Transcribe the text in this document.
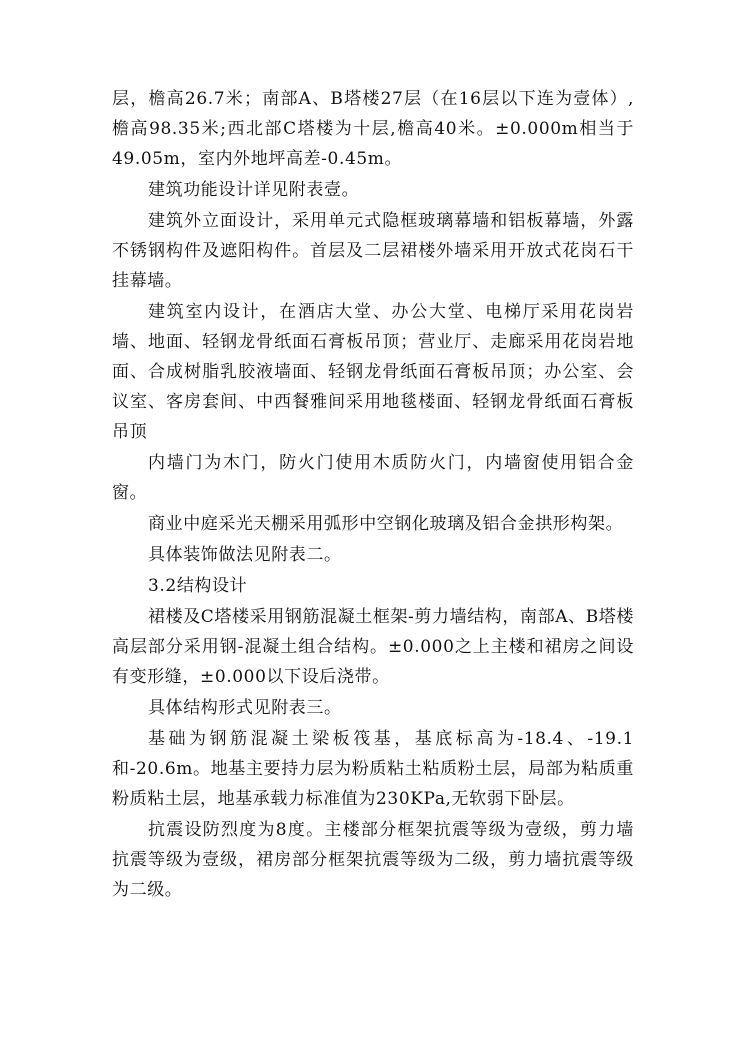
层，檐高26.7米；南部A、B塔楼27层（在16层以下连为壹体）,檐高98.35米;西北部C塔楼为十层,檐高40米。±0.000m相当于49.05m，室内外地坪高差-0.45m。

建筑功能设计详见附表壹。

建筑外立面设计，采用单元式隐框玻璃幕墙和铝板幕墙，外露不锈钢构件及遮阳构件。首层及二层裙楼外墙采用开放式花岗石干挂幕墙。

建筑室内设计，在酒店大堂、办公大堂、电梯厅采用花岗岩墙、地面、轻钢龙骨纸面石膏板吊顶；营业厅、走廊采用花岗岩地面、合成树脂乳胶液墙面、轻钢龙骨纸面石膏板吊顶；办公室、会议室、客房套间、中西餐雅间采用地毯楼面、轻钢龙骨纸面石膏板吊顶

内墙门为木门，防火门使用木质防火门，内墙窗使用铝合金窗。

商业中庭采光天棚采用弧形中空钢化玻璃及铝合金拱形构架。

具体装饰做法见附表二。

3.2结构设计

裙楼及C塔楼采用钢筋混凝土框架-剪力墙结构，南部A、B塔楼高层部分采用钢-混凝土组合结构。±0.000之上主楼和裙房之间设有变形缝，±0.000以下设后浇带。

具体结构形式见附表三。

基础为钢筋混凝土梁板筏基，基底标高为-18.4、-19.1和-20.6m。地基主要持力层为粉质粘土粘质粉土层，局部为粘质重粉质粘土层，地基承载力标准值为230KPa,无软弱下卧层。

抗震设防烈度为8度。主楼部分框架抗震等级为壹级，剪力墙抗震等级为壹级，裙房部分框架抗震等级为二级，剪力墙抗震等级为二级。
